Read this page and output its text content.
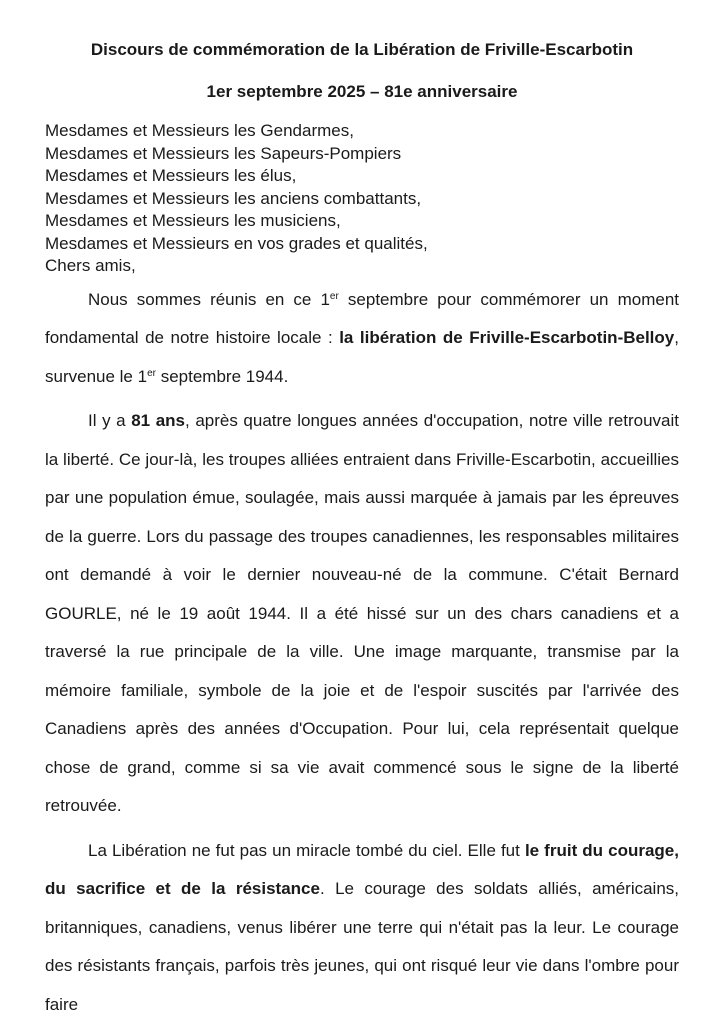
Discours de commémoration de la Libération de Friville-Escarbotin
1er septembre 2025 – 81e anniversaire
Mesdames et Messieurs les Gendarmes,
Mesdames et Messieurs les Sapeurs-Pompiers
Mesdames et Messieurs les élus,
Mesdames et Messieurs les anciens combattants,
Mesdames et Messieurs les musiciens,
Mesdames et Messieurs en vos grades et qualités,
Chers amis,

Nous sommes réunis en ce 1er septembre pour commémorer un moment fondamental de notre histoire locale : la libération de Friville-Escarbotin-Belloy, survenue le 1er septembre 1944.

Il y a 81 ans, après quatre longues années d'occupation, notre ville retrouvait la liberté. Ce jour-là, les troupes alliées entraient dans Friville-Escarbotin, accueillies par une population émue, soulagée, mais aussi marquée à jamais par les épreuves de la guerre. Lors du passage des troupes canadiennes, les responsables militaires ont demandé à voir le dernier nouveau-né de la commune. C'était Bernard GOURLE, né le 19 août 1944. Il a été hissé sur un des chars canadiens et a traversé la rue principale de la ville. Une image marquante, transmise par la mémoire familiale, symbole de la joie et de l'espoir suscités par l'arrivée des Canadiens après des années d'Occupation. Pour lui, cela représentait quelque chose de grand, comme si sa vie avait commencé sous le signe de la liberté retrouvée.

La Libération ne fut pas un miracle tombé du ciel. Elle fut le fruit du courage, du sacrifice et de la résistance. Le courage des soldats alliés, américains, britanniques, canadiens, venus libérer une terre qui n'était pas la leur. Le courage des résistants français, parfois très jeunes, qui ont risqué leur vie dans l'ombre pour faire
